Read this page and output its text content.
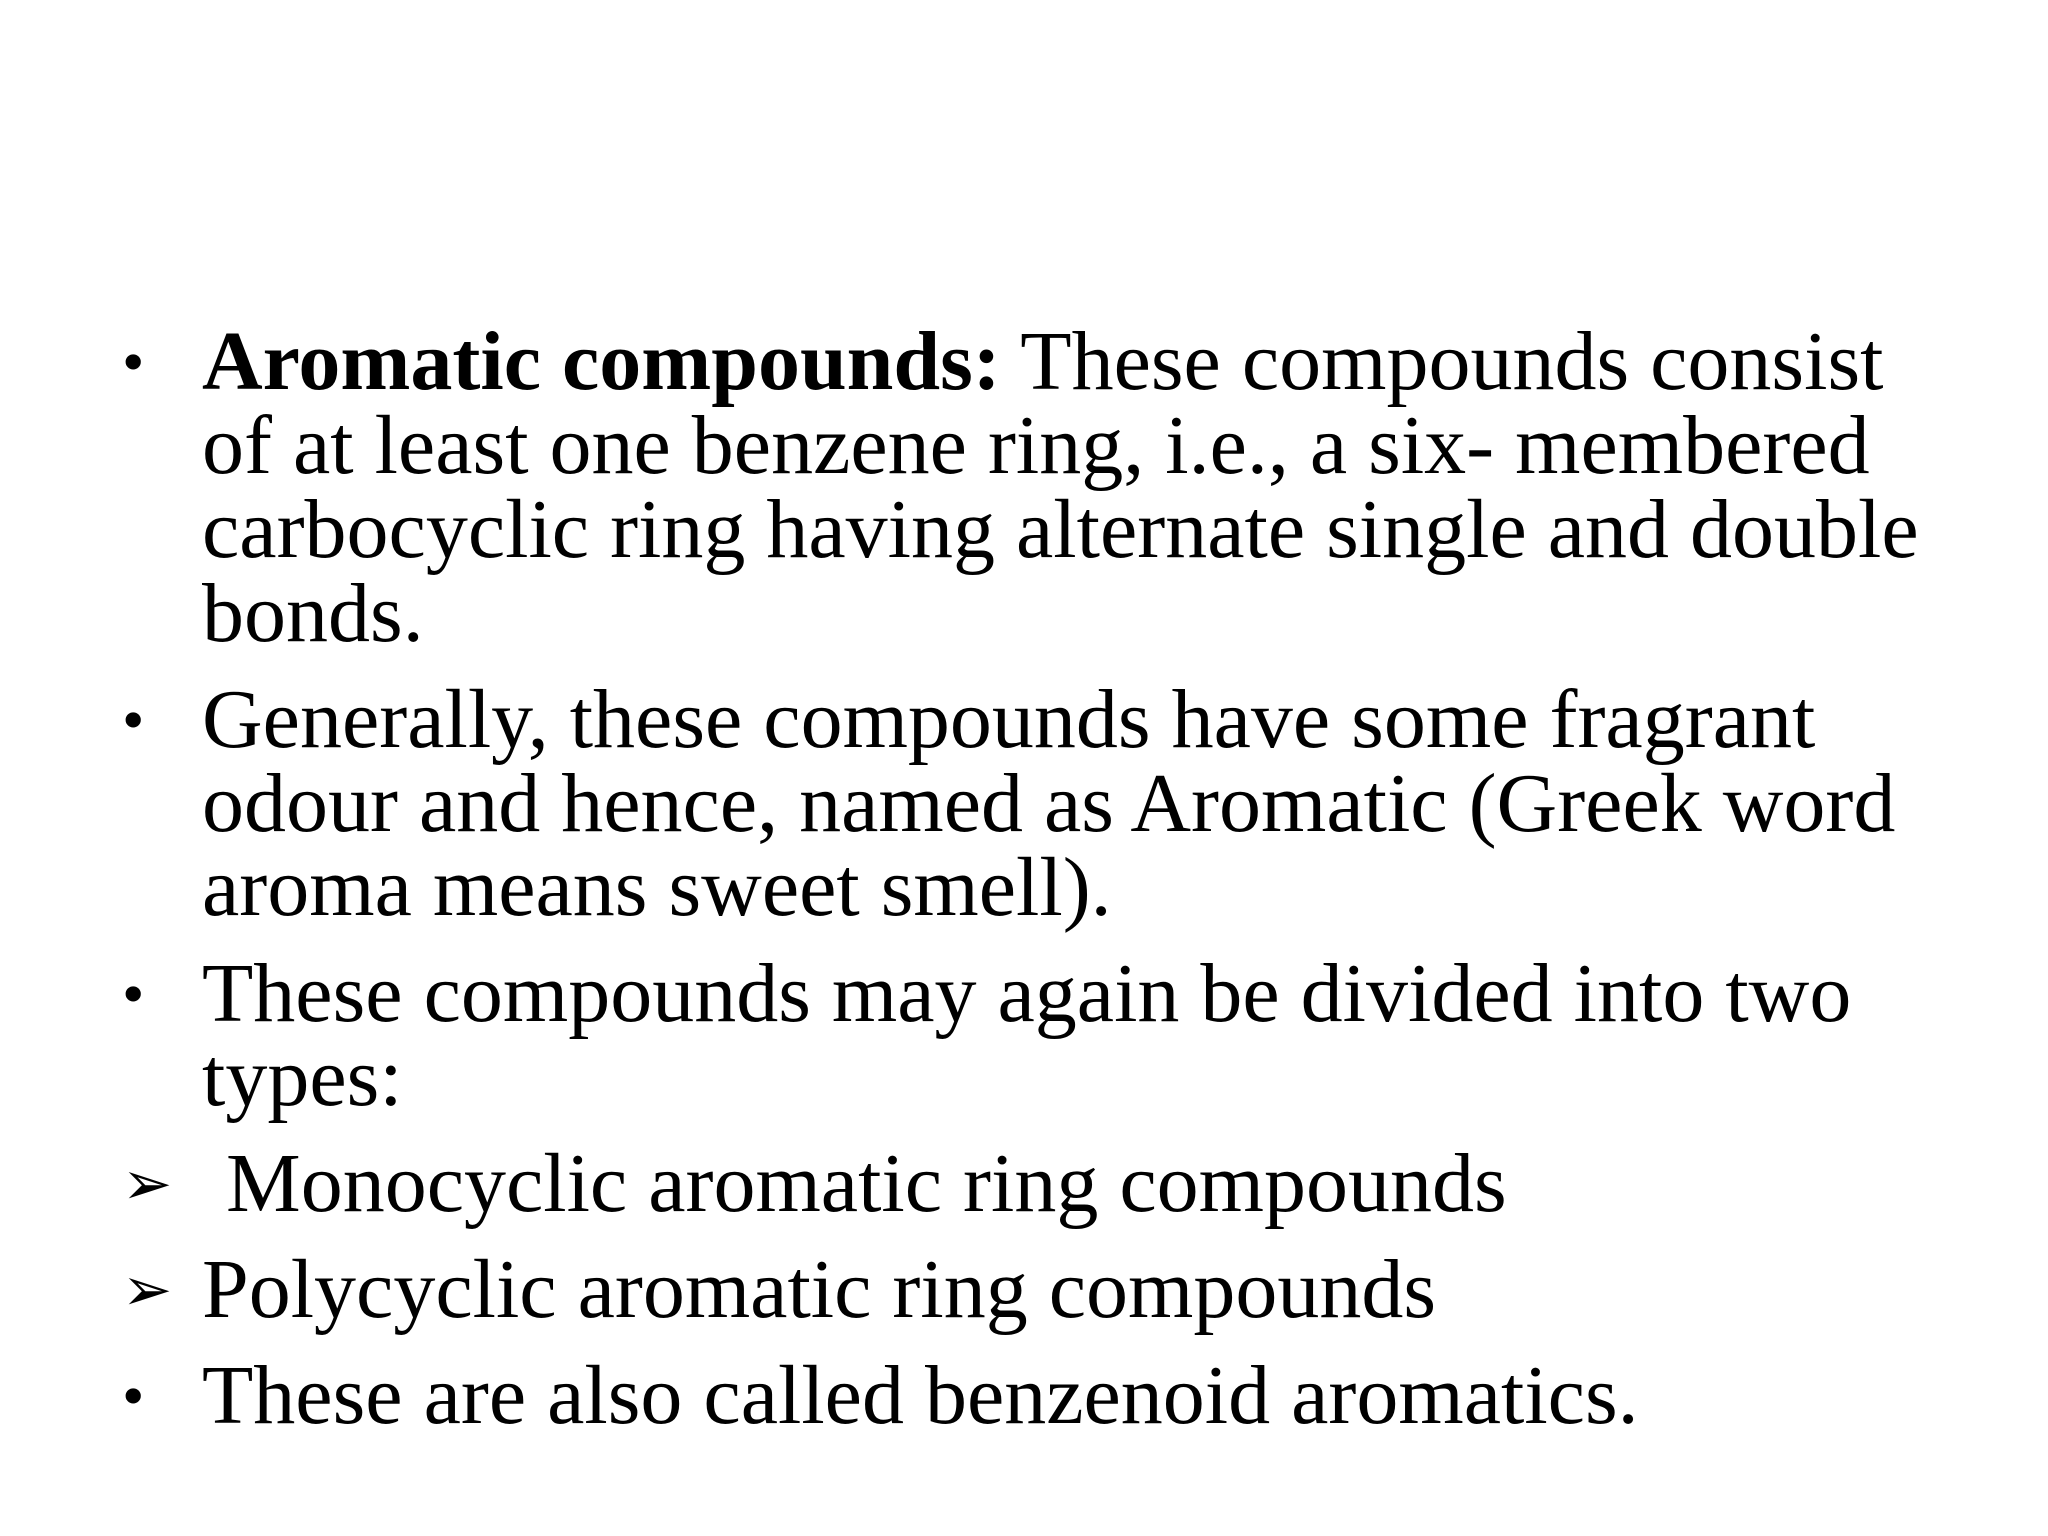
• Aromatic compounds: These compounds consist of at least one benzene ring, i.e., a six- membered carbocyclic ring having alternate single and double bonds.
• Generally, these compounds have some fragrant odour and hence, named as Aromatic (Greek word aroma means sweet smell).
• These compounds may again be divided into two types:
➢ Monocyclic aromatic ring compounds
➢ Polycyclic aromatic ring compounds
• These are also called benzenoid aromatics.
